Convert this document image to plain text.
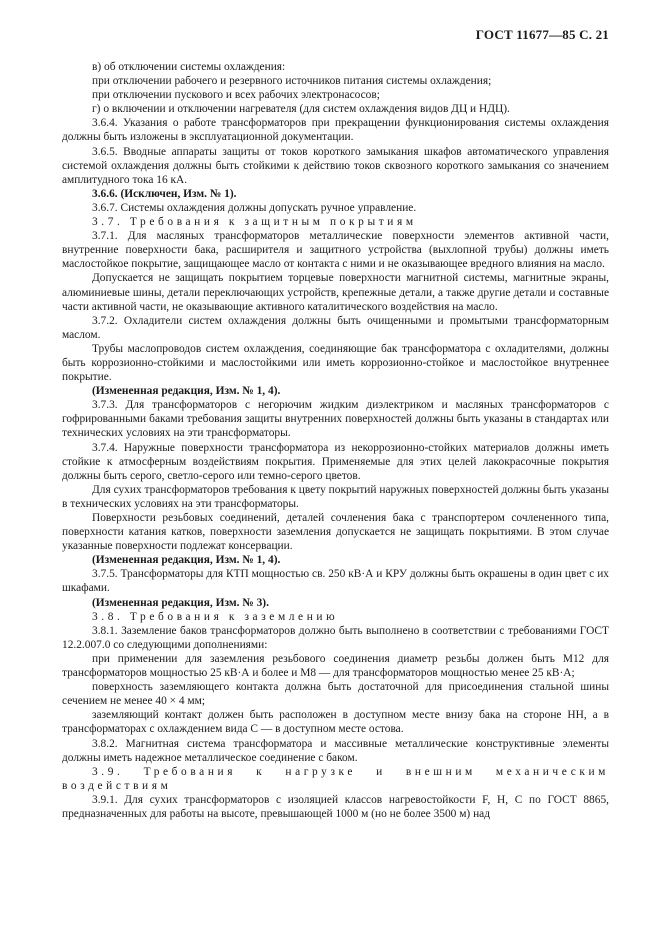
ГОСТ 11677—85 С. 21

в) об отключении системы охлаждения:

при отключении рабочего и резервного источников питания системы охлаждения;

при отключении пускового и всех рабочих электронасосов;

г) о включении и отключении нагревателя (для систем охлаждения видов ДЦ и НДЦ).

3.6.4. Указания о работе трансформаторов при прекращении функционирования системы охлаждения должны быть изложены в эксплуатационной документации.

3.6.5. Вводные аппараты защиты от токов короткого замыкания шкафов автоматического управления системой охлаждения должны быть стойкими к действию токов сквозного короткого замыкания со значением амплитудного тока 16 кА.

3.6.6. (Исключен, Изм. № 1).

3.6.7. Системы охлаждения должны допускать ручное управление.

3.7. Требования к защитным покрытиям

3.7.1. Для масляных трансформаторов металлические поверхности элементов активной части, внутренние поверхности бака, расширителя и защитного устройства (выхлопной трубы) должны иметь маслостойкое покрытие, защищающее масло от контакта с ними и не оказывающее вредного влияния на масло.

Допускается не защищать покрытием торцевые поверхности магнитной системы, магнитные экраны, алюминиевые шины, детали переключающих устройств, крепежные детали, а также другие детали и составные части активной части, не оказывающие активного каталитического воздействия на масло.

3.7.2. Охладители систем охлаждения должны быть очищенными и промытыми трансформаторным маслом.

Трубы маслопроводов систем охлаждения, соединяющие бак трансформатора с охладителями, должны быть коррозионно-стойкими и маслостойкими или иметь коррозионно-стойкое и маслостойкое внутреннее покрытие.

(Измененная редакция, Изм. № 1, 4).

3.7.3. Для трансформаторов с негорючим жидким диэлектриком и масляных трансформаторов с гофрированными баками требования защиты внутренних поверхностей должны быть указаны в стандартах или технических условиях на эти трансформаторы.

3.7.4. Наружные поверхности трансформатора из некоррозионно-стойких материалов должны иметь стойкие к атмосферным воздействиям покрытия. Применяемые для этих целей лакокрасочные покрытия должны быть серого, светло-серого или темно-серого цветов.

Для сухих трансформаторов требования к цвету покрытий наружных поверхностей должны быть указаны в технических условиях на эти трансформаторы.

Поверхности резьбовых соединений, деталей сочленения бака с транспортером сочлененного типа, поверхности катания катков, поверхности заземления допускается не защищать покрытиями. В этом случае указанные поверхности подлежат консервации.

(Измененная редакция, Изм. № 1, 4).

3.7.5. Трансформаторы для КТП мощностью св. 250 кВ·А и КРУ должны быть окрашены в один цвет с их шкафами.

(Измененная редакция, Изм. № 3).

3.8. Требования к заземлению

3.8.1. Заземление баков трансформаторов должно быть выполнено в соответствии с требованиями ГОСТ 12.2.007.0 со следующими дополнениями:

при применении для заземления резьбового соединения диаметр резьбы должен быть М12 для трансформаторов мощностью 25 кВ·А и более и М8 — для трансформаторов мощностью менее 25 кВ·А;

поверхность заземляющего контакта должна быть достаточной для присоединения стальной шины сечением не менее 40 × 4 мм;

заземляющий контакт должен быть расположен в доступном месте внизу бака на стороне НН, а в трансформаторах с охлаждением вида С — в доступном месте остова.

3.8.2. Магнитная система трансформатора и массивные металлические конструктивные элементы должны иметь надежное металлическое соединение с баком.

3.9. Требования к нагрузке и внешним механическим воздействиям

3.9.1. Для сухих трансформаторов с изоляцией классов нагревостойкости F, Н, С по ГОСТ 8865, предназначенных для работы на высоте, превышающей 1000 м (но не более 3500 м) над
